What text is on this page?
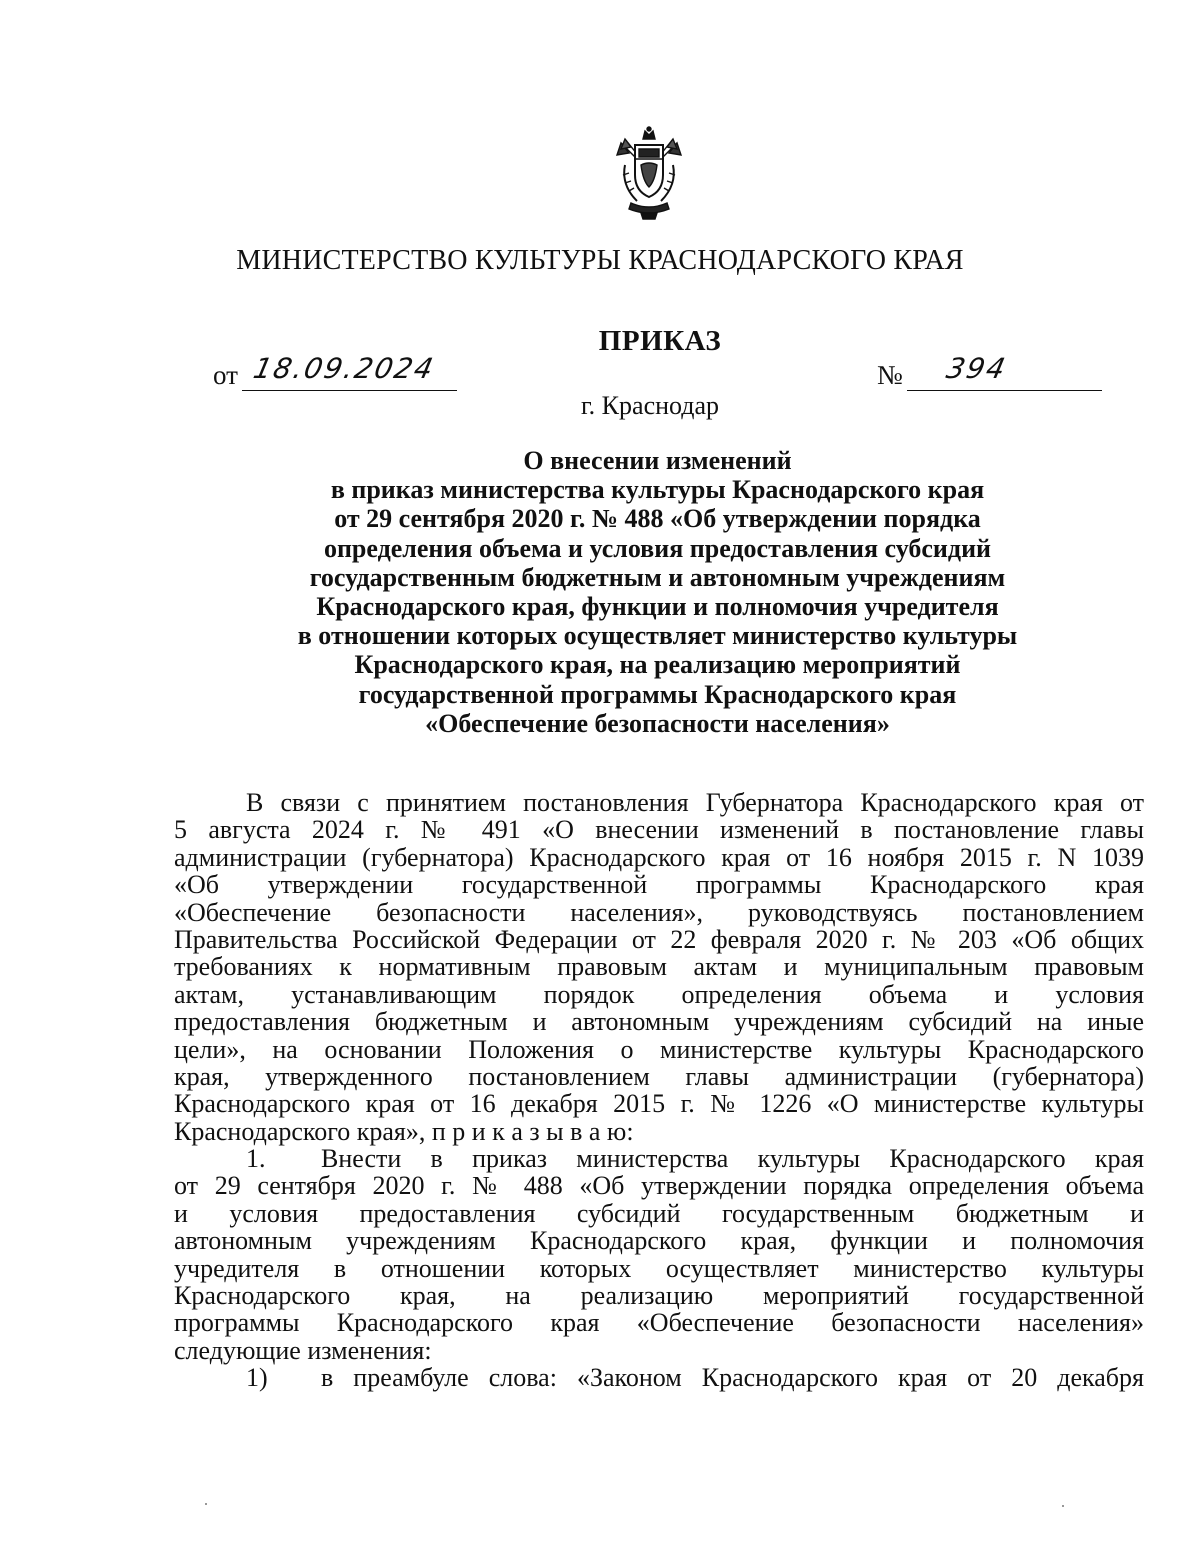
МИНИСТЕРСТВО КУЛЬТУРЫ КРАСНОДАРСКОГО КРАЯ
ПРИКАЗ
от 18.09.2024	№ 394
г. Краснодар
О внесении изменений
в приказ министерства культуры Краснодарского края
от 29 сентября 2020 г. № 488 «Об утверждении порядка
определения объема и условия предоставления субсидий
государственным бюджетным и автономным учреждениям
Краснодарского края, функции и полномочия учредителя
в отношении которых осуществляет министерство культуры
Краснодарского края, на реализацию мероприятий
государственной программы Краснодарского края
«Обеспечение безопасности населения»
В связи с принятием постановления Губернатора Краснодарского края от
5 августа 2024 г. № 491 «О внесении изменений в постановление главы
администрации (губернатора) Краснодарского края от 16 ноября 2015 г. N 1039
«Об утверждении государственной программы Краснодарского края
«Обеспечение безопасности населения», руководствуясь постановлением
Правительства Российской Федерации от 22 февраля 2020 г. № 203 «Об общих
требованиях к нормативным правовым актам и муниципальным правовым
актам, устанавливающим порядок определения объема и условия
предоставления бюджетным и автономным учреждениям субсидий на иные
цели», на основании Положения о министерстве культуры Краснодарского
края, утвержденного постановлением главы администрации (губернатора)
Краснодарского края от 16 декабря 2015 г. № 1226 «О министерстве культуры
Краснодарского края», п р и к а з ы в а ю:
1.	Внести в приказ министерства культуры Краснодарского края
от 29 сентября 2020 г. № 488 «Об утверждении порядка определения объема
и условия предоставления субсидий государственным бюджетным и
автономным учреждениям Краснодарского края, функции и полномочия
учредителя в отношении которых осуществляет министерство культуры
Краснодарского края, на реализацию мероприятий государственной
программы Краснодарского края «Обеспечение безопасности населения»
следующие изменения:
1)	в преамбуле слова: «Законом Краснодарского края от 20 декабря
